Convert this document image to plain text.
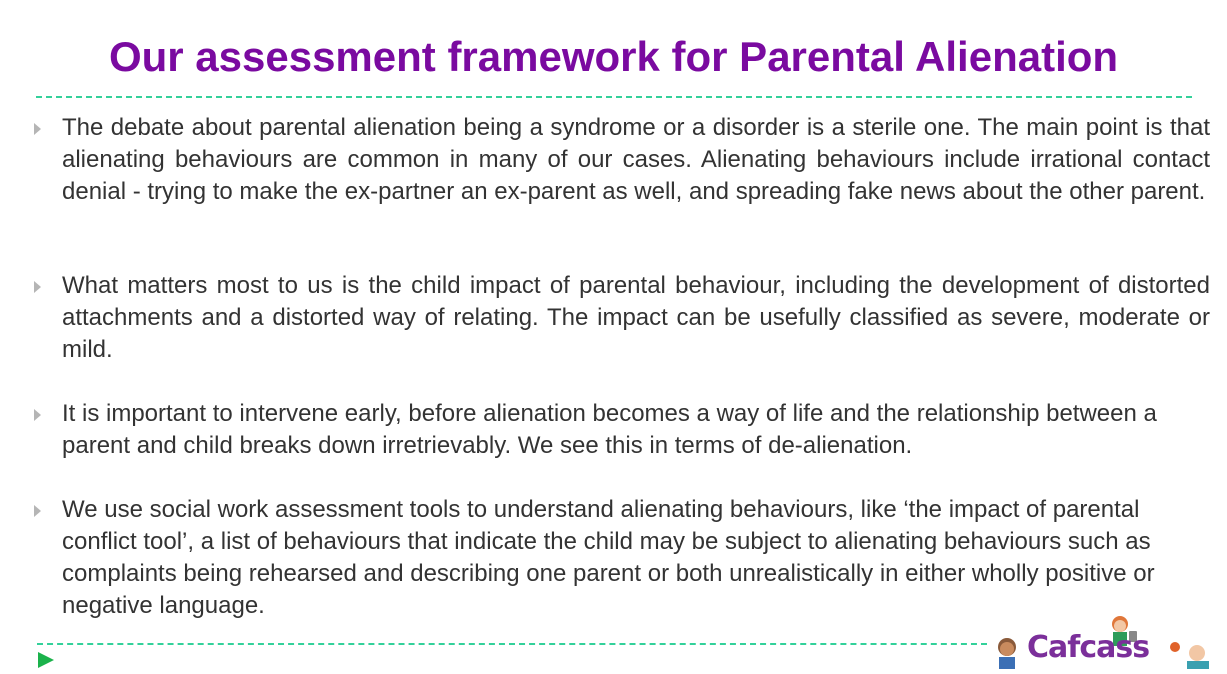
Our assessment framework for Parental Alienation
The debate about parental alienation being a syndrome or a disorder is a sterile one. The main point is that alienating behaviours are common in many of our cases. Alienating behaviours include irrational contact denial - trying to make the ex-partner an ex-parent as well, and spreading fake news about the other parent.
What matters most to us is the child impact of parental behaviour, including the development of distorted attachments and a distorted way of relating. The impact can be usefully classified as severe, moderate or mild.
It is important to intervene early, before alienation becomes a way of life and the relationship between a parent and child breaks down irretrievably. We see this in terms of de-alienation.
We use social work assessment tools to understand alienating behaviours, like ‘the impact of parental conflict tool’, a list of behaviours that indicate the child may be subject to alienating behaviours such as complaints being rehearsed and describing one parent or both unrealistically in either wholly positive or negative language.
Cafcass
